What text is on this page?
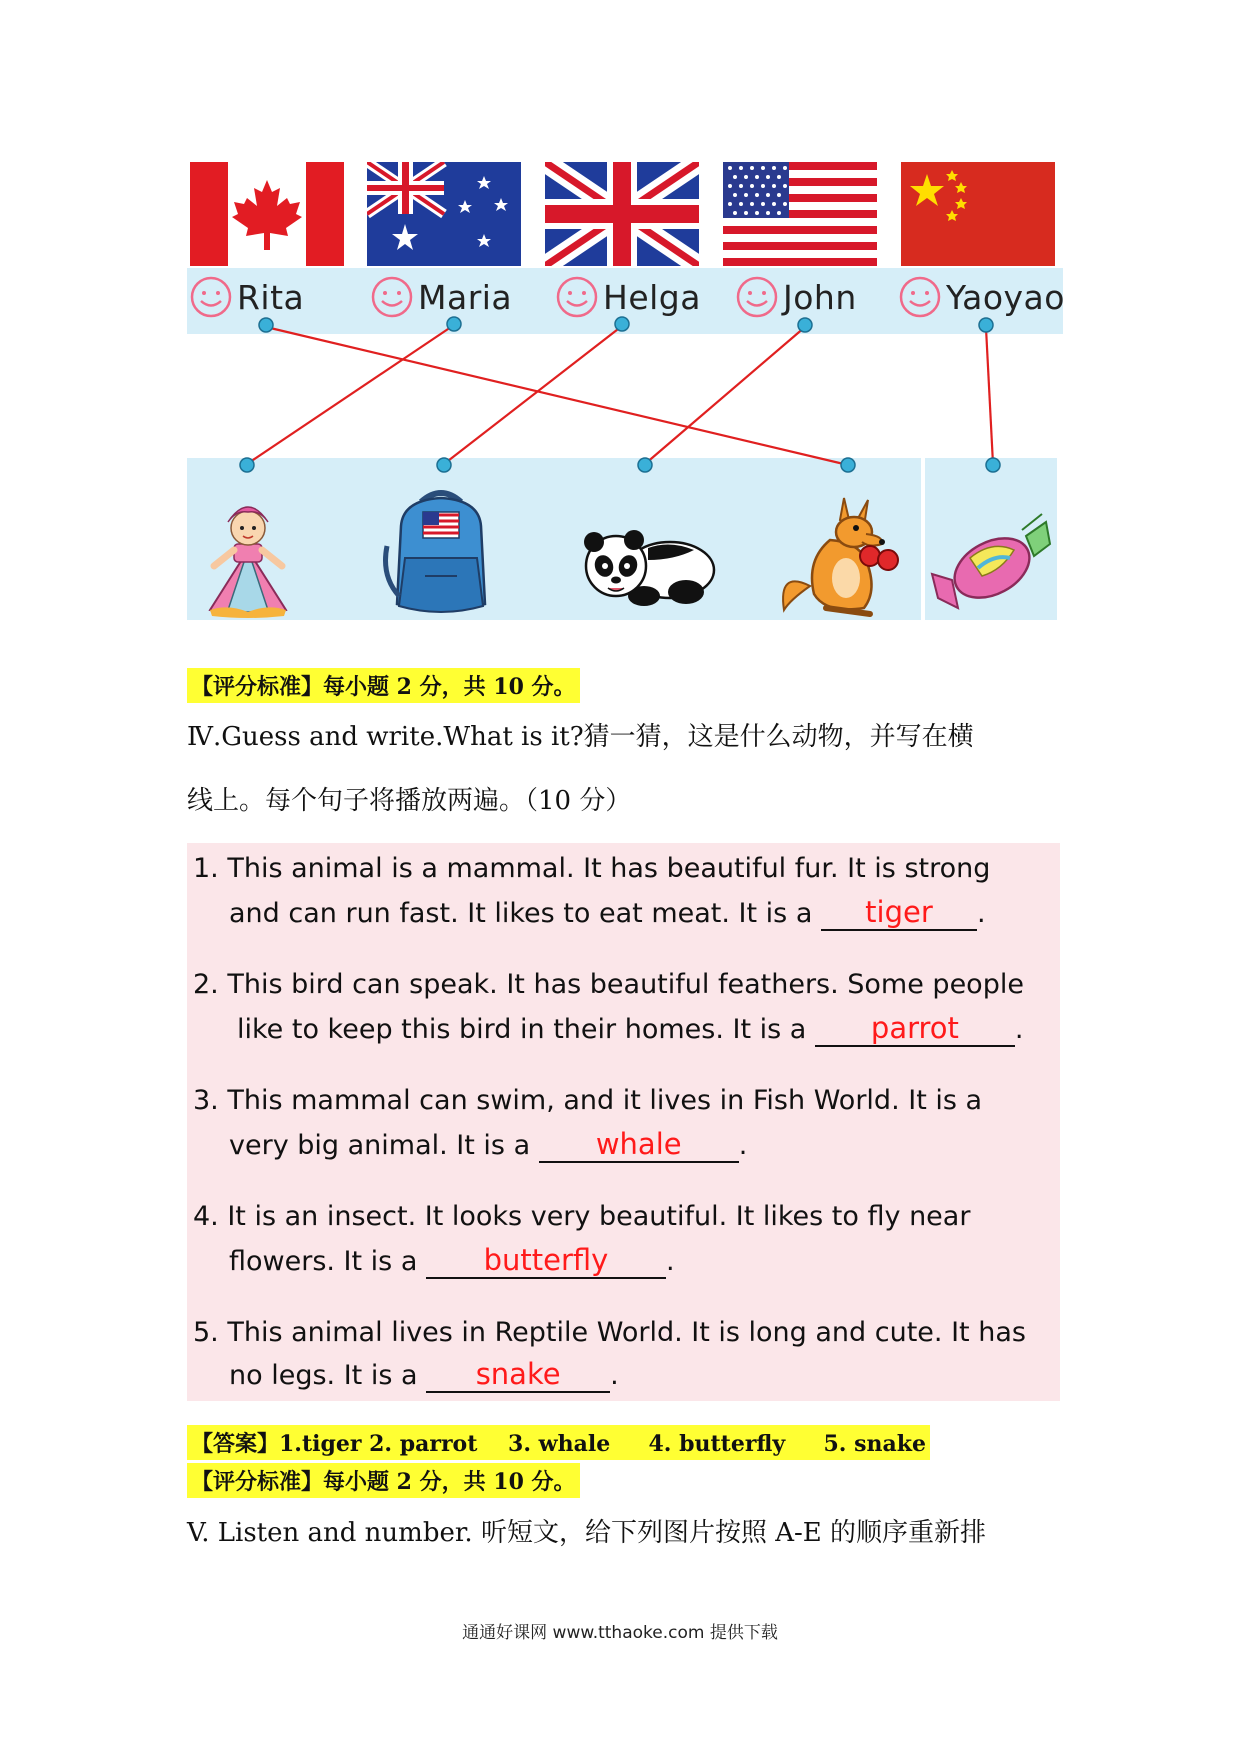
Rita	Maria	Helga John	Yaoyao
【评分标准】每小题 2 分，共 10 分。
Ⅳ.Guess and write.What is it?猜一猜，这是什么动物，并写在横
线上。每个句子将播放两遍。（10 分）
1. This animal is a mammal. It has beautiful fur. It is strong
and can run fast. It likes to eat meat. It is a tiger .
2. This bird can speak. It has beautiful feathers. Some people
like to keep this bird in their homes. It is a parrot .
3. This mammal can swim, and it lives in Fish World. It is a
very big animal. It is a whale .
4. It is an insect. It looks very beautiful. It likes to fly near
flowers. It is a butterfly .
5. This animal lives in Reptile World. It is long and cute. It has
no legs. It is a snake .
【答案】1.tiger 2. parrot    3. whale     4. butterfly     5. snake
【评分标准】每小题 2 分，共 10 分。
V. Listen and number. 听短文，给下列图片按照 A-E 的顺序重新排
通通好课网 www.tthaoke.com 提供下载
